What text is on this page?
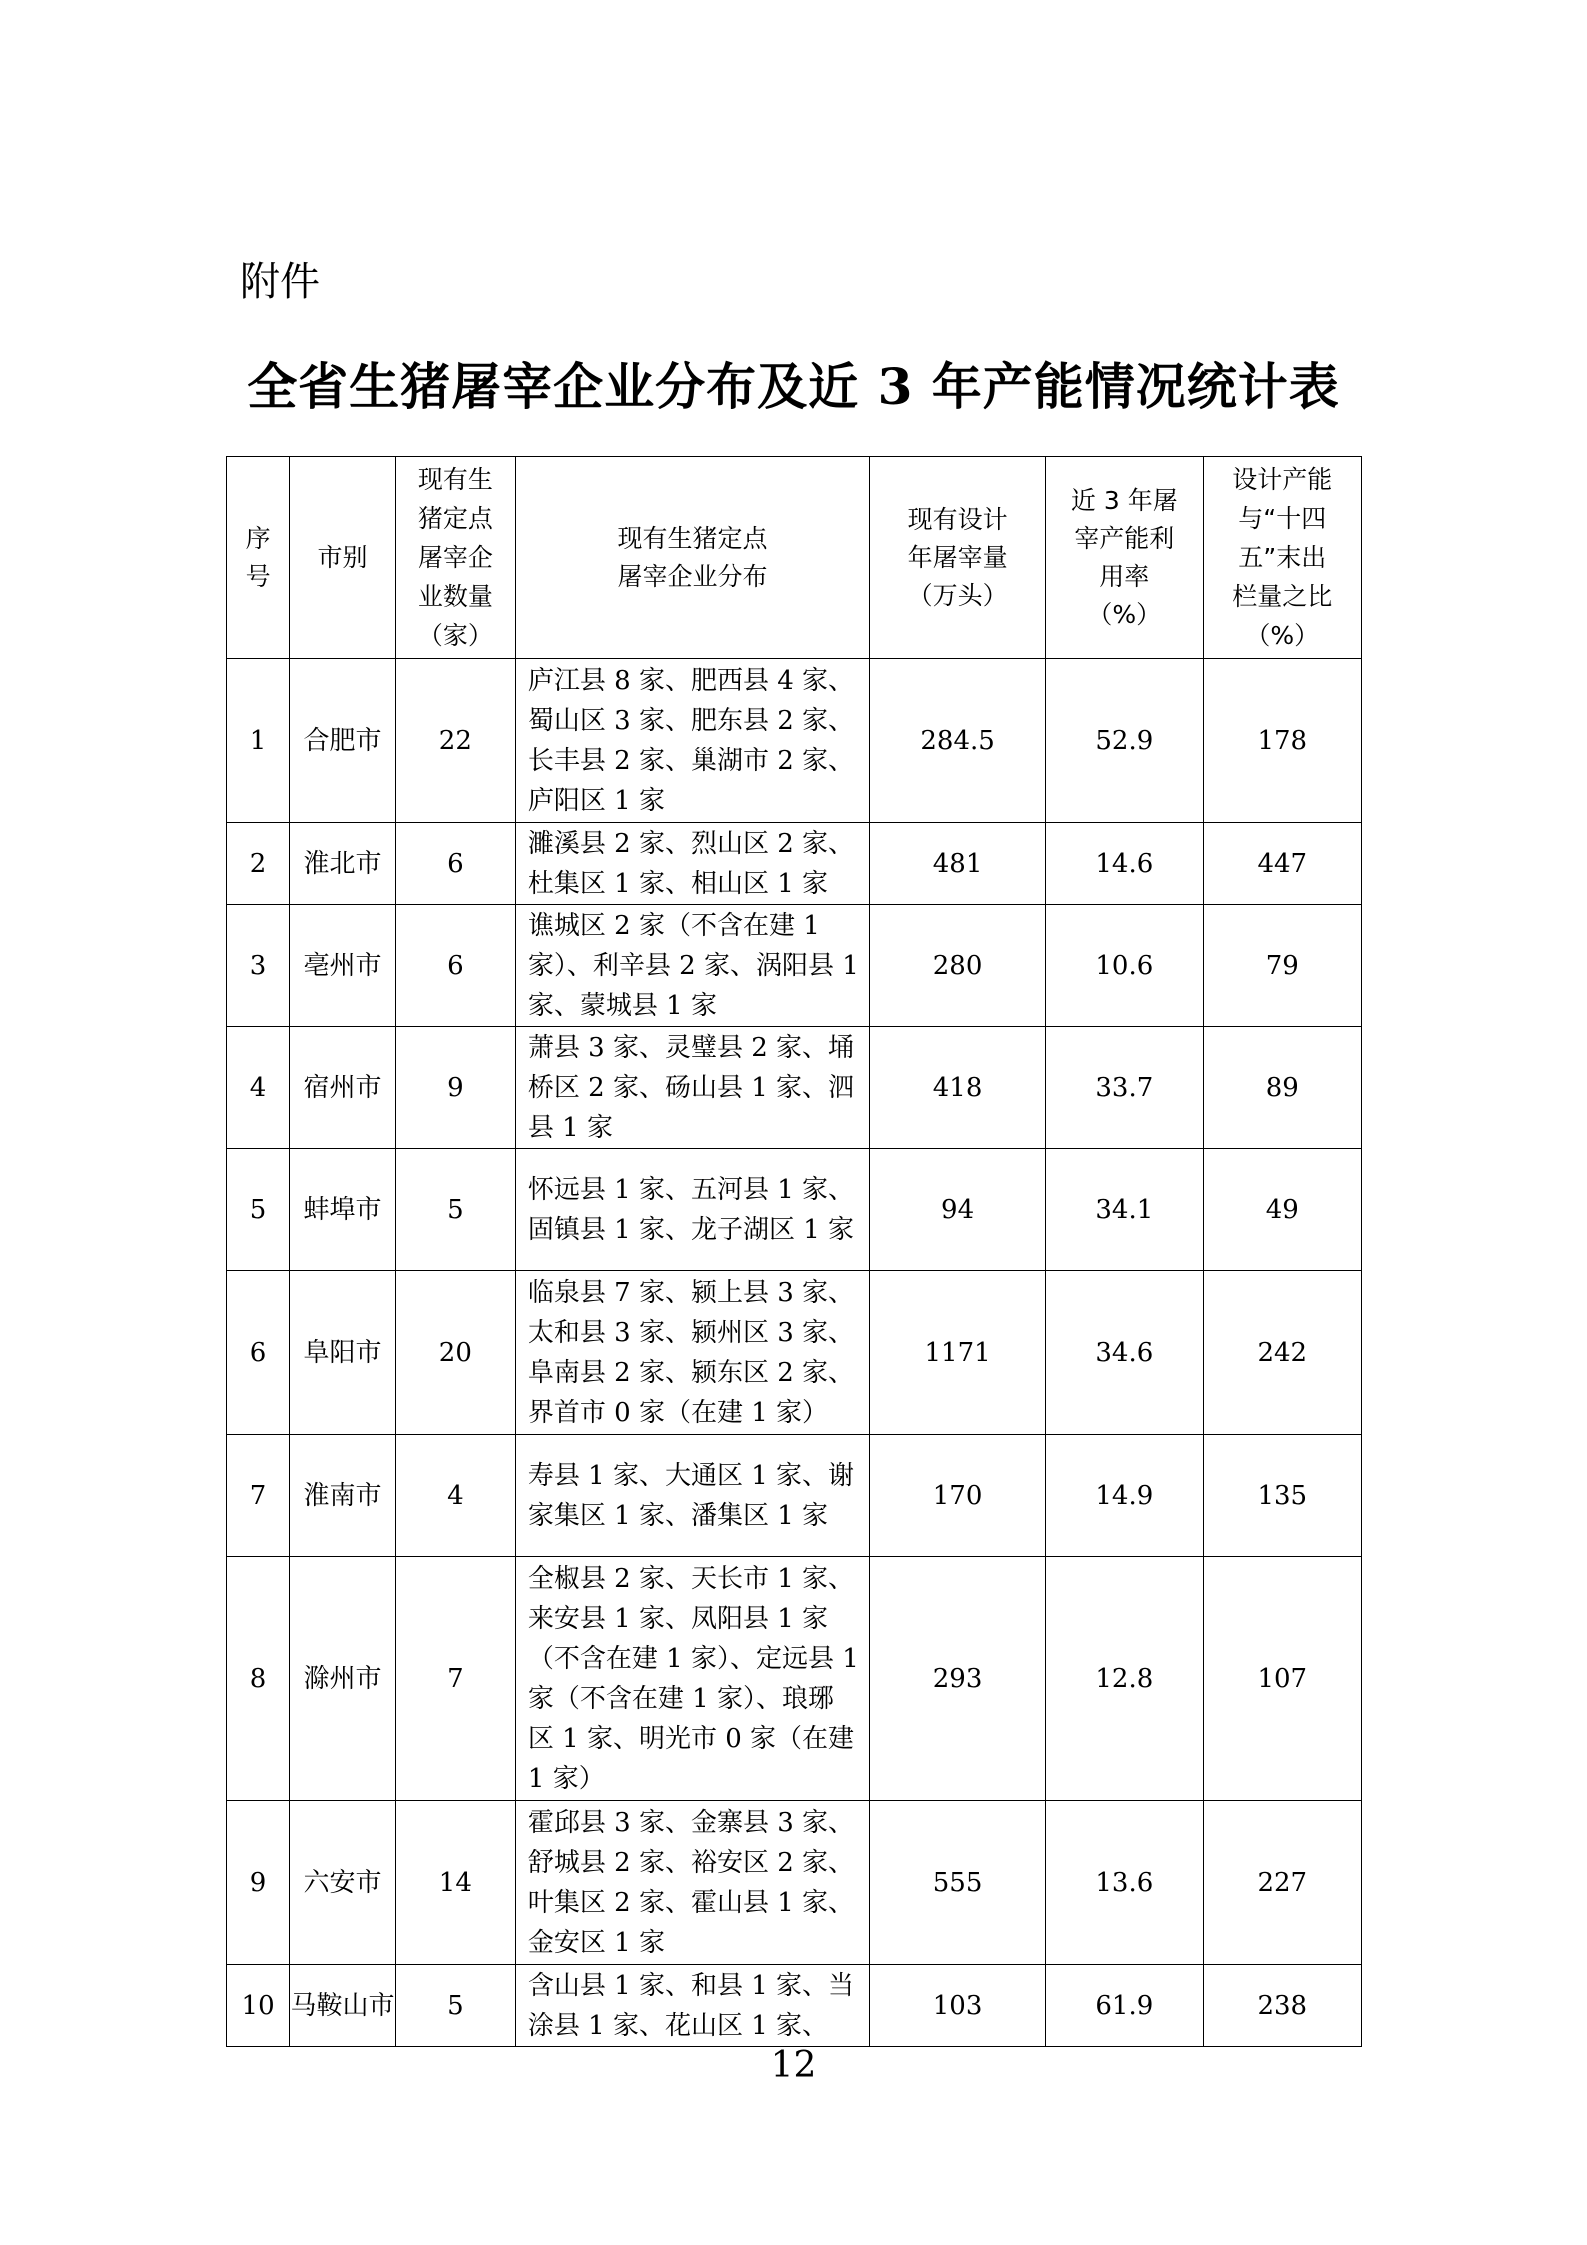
附件
全省生猪屠宰企业分布及近 3 年产能情况统计表
序号	市别	现有生猪定点屠宰企业数量（家）	现有生猪定点屠宰企业分布	现有设计年屠宰量（万头）	近 3 年屠宰产能利用率（%）	设计产能与“十四五”末出栏量之比（%）

1	合肥市	22	庐江县 8 家、肥西县 4 家、蜀山区 3 家、肥东县 2 家、长丰县 2 家、巢湖市 2 家、庐阳区 1 家	284.5	52.9	178
2	淮北市	6	濉溪县 2 家、烈山区 2 家、杜集区 1 家、相山区 1 家	481	14.6	447
3	亳州市	6	谯城区 2 家（不含在建 1 家）、利辛县 2 家、涡阳县 1 家、蒙城县 1 家	280	10.6	79
4	宿州市	9	萧县 3 家、灵璧县 2 家、埇桥区 2 家、砀山县 1 家、泗县 1 家	418	33.7	89
5	蚌埠市	5	怀远县 1 家、五河县 1 家、固镇县 1 家、龙子湖区 1 家	94	34.1	49
6	阜阳市	20	临泉县 7 家、颍上县 3 家、太和县 3 家、颍州区 3 家、阜南县 2 家、颍东区 2 家、界首市 0 家（在建 1 家）	1171	34.6	242
7	淮南市	4	寿县 1 家、大通区 1 家、谢家集区 1 家、潘集区 1 家	170	14.9	135
8	滁州市	7	全椒县 2 家、天长市 1 家、来安县 1 家、凤阳县 1 家（不含在建 1 家）、定远县 1 家（不含在建 1 家）、琅琊区 1 家、明光市 0 家（在建 1 家）	293	12.8	107
9	六安市	14	霍邱县 3 家、金寨县 3 家、舒城县 2 家、裕安区 2 家、叶集区 2 家、霍山县 1 家、金安区 1 家	555	13.6	227
10	马鞍山市	5	含山县 1 家、和县 1 家、当涂县 1 家、花山区 1 家、	103	61.9	238
12
